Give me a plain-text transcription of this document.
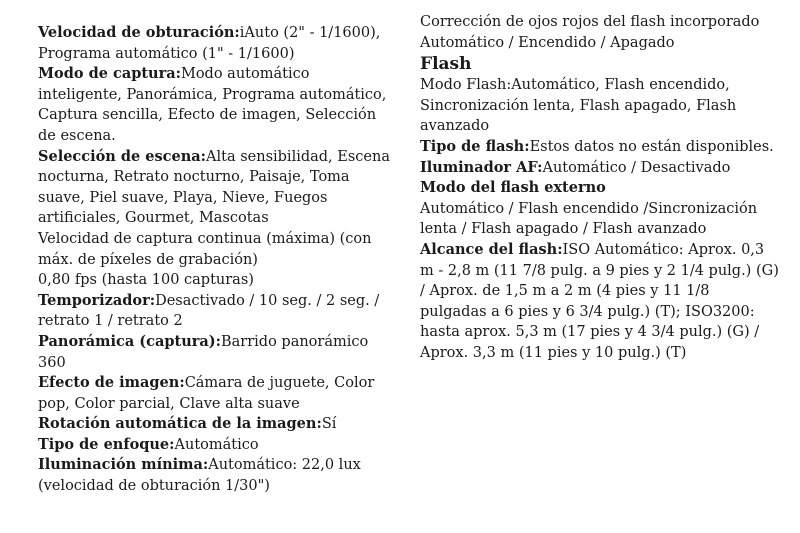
Velocidad de obturación:iAuto (2" - 1/1600), Programa automático (1" - 1/1600)

Modo de captura:Modo automático inteligente, Panorámica, Programa automático, Captura sencilla, Efecto de imagen, Selección de escena.

Selección de escena:Alta sensibilidad, Escena nocturna, Retrato nocturno, Paisaje, Toma suave, Piel suave, Playa, Nieve, Fuegos artificiales, Gourmet, Mascotas

Velocidad de captura continua (máxima) (con máx. de píxeles de grabación)

0,80 fps (hasta 100 capturas)

Temporizador:Desactivado / 10 seg. / 2 seg. / retrato 1 / retrato 2

Panorámica (captura):Barrido panorámico 360

Efecto de imagen:Cámara de juguete, Color pop, Color parcial, Clave alta suave

Rotación automática de la imagen:Sí

Tipo de enfoque:Automático

Iluminación mínima:Automático: 22,0 lux (velocidad de obturación 1/30")

Corrección de ojos rojos del flash incorporado

Automático / Encendido / Apagado

Flash

Modo Flash:Automático, Flash encendido, Sincronización lenta, Flash apagado, Flash avanzado

Tipo de flash:Estos datos no están disponibles.

Iluminador AF:Automático / Desactivado

Modo del flash externo

Automático / Flash encendido /Sincronización lenta / Flash apagado / Flash avanzado

Alcance del flash:ISO Automático: Aprox. 0,3 m - 2,8 m (11 7/8 pulg. a 9 pies y 2 1/4 pulg.) (G) / Aprox. de 1,5 m a 2 m (4 pies y 11 1/8 pulgadas a 6 pies y 6 3/4 pulg.) (T); ISO3200: hasta aprox. 5,3 m (17 pies y 4 3/4 pulg.) (G) / Aprox. 3,3 m (11 pies y 10 pulg.) (T)
